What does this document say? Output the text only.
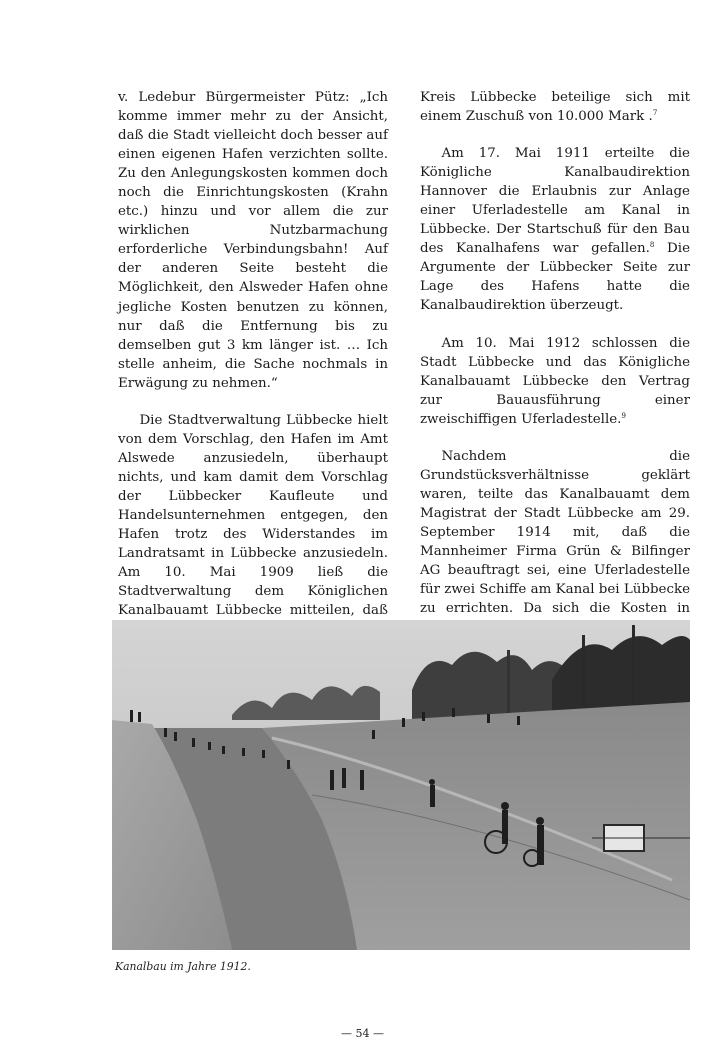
v. Ledebur Bürgermeister Pütz: „Ich komme immer mehr zu der Ansicht, daß die Stadt vielleicht doch besser auf einen eigenen Hafen verzichten sollte. Zu den Anlegungskosten kommen doch noch die Einrichtungskosten (Krahn etc.) hinzu und vor allem die zur wirklichen Nutzbarmachung erforderliche Verbindungsbahn! Auf der anderen Seite besteht die Möglichkeit, den Alsweder Hafen ohne jegliche Kosten benutzen zu können, nur daß die Entfernung bis zu demselben gut 3 km länger ist. … Ich stelle anheim, die Sache nochmals in Erwägung zu nehmen.“

Die Stadtverwaltung Lübbecke hielt von dem Vorschlag, den Hafen im Amt Alswede anzusiedeln, überhaupt nichts, und kam damit dem Vorschlag der Lübbecker Kaufleute und Handelsunternehmen entgegen, den Hafen trotz des Widerstandes im Landratsamt in Lübbecke anzusiedeln. Am 10. Mai 1909 ließ die Stadtverwaltung dem Königlichen Kanalbauamt Lübbecke mitteilen, daß

Kreis Lübbecke beteilige sich mit einem Zuschuß von 10.000 Mark .$^7$

Am 17. Mai 1911 erteilte die Königliche Kanalbaudirektion Hannover die Erlaubnis zur Anlage einer Uferladestelle am Kanal in Lübbecke. Der Startschuß für den Bau des Kanalhafens war gefallen.$^8$ Die Argumente der Lübbecker Seite zur Lage des Hafens hatte die Kanalbaudirektion überzeugt.

Am 10. Mai 1912 schlossen die Stadt Lübbecke und das Königliche Kanalbauamt Lübbecke den Vertrag zur Bauausführung einer zweischiffigen Uferladestelle.$^9$

Nachdem die Grundstücksverhältnisse geklärt waren, teilte das Kanalbauamt dem Magistrat der Stadt Lübbecke am 29. September 1914 mit, daß die Mannheimer Firma Grün & Bilfinger AG beauftragt sei, eine Uferladestelle für zwei Schiffe am Kanal bei Lübbecke zu errichten. Da sich die Kosten in

Kanalbau im Jahre 1912.
— 54 —
